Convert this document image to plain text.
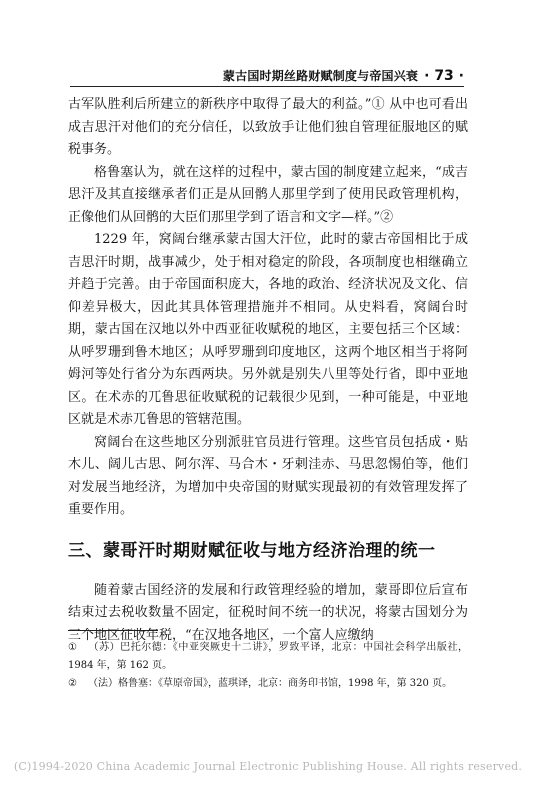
蒙古国时期丝路财赋制度与帝国兴衰 · 73 ·

古军队胜利后所建立的新秩序中取得了最大的利益。”① 从中也可看出成吉思汗对他们的充分信任，以致放手让他们独自管理征服地区的赋税事务。

格鲁塞认为，就在这样的过程中，蒙古国的制度建立起来，“成吉思汗及其直接继承者们正是从回鹘人那里学到了使用民政管理机构，正像他们从回鹘的大臣们那里学到了语言和文字—样。”②

1229 年，窝阔台继承蒙古国大汗位，此时的蒙古帝国相比于成吉思汗时期，战事减少，处于相对稳定的阶段，各项制度也相继确立并趋于完善。由于帝国面积庞大，各地的政治、经济状况及文化、信仰差异极大，因此其具体管理措施并不相同。从史料看，窝阔台时期，蒙古国在汉地以外中西亚征收赋税的地区，主要包括三个区域：从呼罗珊到鲁木地区；从呼罗珊到印度地区，这两个地区相当于将阿姆河等处行省分为东西两块。另外就是别失八里等处行省，即中亚地区。在术赤的兀鲁思征收赋税的记载很少见到，一种可能是，中亚地区就是术赤兀鲁思的管辖范围。

窝阔台在这些地区分别派驻官员进行管理。这些官员包括成・贴木儿、阔儿古思、阿尔浑、马合木・牙剌洼赤、马思忽惕伯等，他们对发展当地经济，为增加中央帝国的财赋实现最初的有效管理发挥了重要作用。

三、蒙哥汗时期财赋征收与地方经济治理的统一

随着蒙古国经济的发展和行政管理经验的增加，蒙哥即位后宣布结束过去税收数量不固定，征税时间不统一的状况，将蒙古国划分为三个地区征收年税，“在汉地各地区，一个富人应缴纳

① （苏）巴托尔德：《中亚突厥史十二讲》，罗致平译，北京：中国社会科学出版社，1984 年，第 162 页。

② （法）格鲁塞：《草原帝国》，蓝琪译，北京：商务印书馆，1998 年，第 320 页。

(C)1994-2020 China Academic Journal Electronic Publishing House. All rights reserved.
